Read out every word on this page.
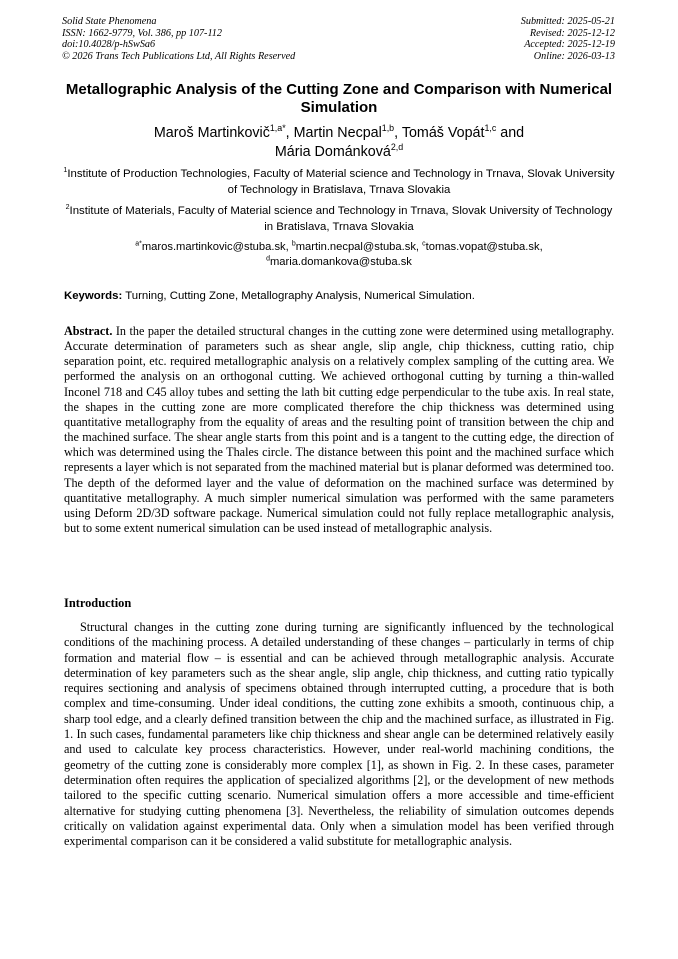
Solid State Phenomena
ISSN: 1662-9779, Vol. 386, pp 107-112
doi:10.4028/p-hSwSa6
© 2026 Trans Tech Publications Ltd, All Rights Reserved
Submitted: 2025-05-21
Revised: 2025-12-12
Accepted: 2025-12-19
Online: 2026-03-13
Metallographic Analysis of the Cutting Zone and Comparison with Numerical Simulation
Maroš Martinkovič$^{1,a*}$, Martin Necpal$^{1,b}$, Tomáš Vopát$^{1,c}$ and
Mária Dománková$^{2,d}$
$^1$Institute of Production Technologies, Faculty of Material science and Technology in Trnava, Slovak University of Technology in Bratislava, Trnava Slovakia
$^2$Institute of Materials, Faculty of Material science and Technology in Trnava, Slovak University of Technology in Bratislava, Trnava Slovakia
$^{a*}$maros.martinkovic@stuba.sk, $^b$martin.necpal@stuba.sk, $^c$tomas.vopat@stuba.sk,
$^d$maria.domankova@stuba.sk
Keywords: Turning, Cutting Zone, Metallography Analysis, Numerical Simulation.
Abstract. In the paper the detailed structural changes in the cutting zone were determined using metallography. Accurate determination of parameters such as shear angle, slip angle, chip thickness, cutting ratio, chip separation point, etc. required metallographic analysis on a relatively complex sampling of the cutting area. We performed the analysis on an orthogonal cutting. We achieved orthogonal cutting by turning a thin-walled Inconel 718 and C45 alloy tubes and setting the lath bit cutting edge perpendicular to the tube axis. In real state, the shapes in the cutting zone are more complicated therefore the chip thickness was determined using quantitative metallography from the equality of areas and the resulting point of transition between the chip and the machined surface. The shear angle starts from this point and is a tangent to the cutting edge, the direction of which was determined using the Thales circle. The distance between this point and the machined surface which represents a layer which is not separated from the machined material but is planar deformed was determined too. The depth of the deformed layer and the value of deformation on the machined surface was determined by quantitative metallography. A much simpler numerical simulation was performed with the same parameters using Deform 2D/3D software package. Numerical simulation could not fully replace metallographic analysis, but to some extent numerical simulation can be used instead of metallographic analysis.
Introduction
Structural changes in the cutting zone during turning are significantly influenced by the technological conditions of the machining process. A detailed understanding of these changes – particularly in terms of chip formation and material flow – is essential and can be achieved through metallographic analysis. Accurate determination of key parameters such as the shear angle, slip angle, chip thickness, and cutting ratio typically requires sectioning and analysis of specimens obtained through interrupted cutting, a procedure that is both complex and time-consuming. Under ideal conditions, the cutting zone exhibits a smooth, continuous chip, a sharp tool edge, and a clearly defined transition between the chip and the machined surface, as illustrated in Fig. 1. In such cases, fundamental parameters like chip thickness and shear angle can be determined relatively easily and used to calculate key process characteristics. However, under real-world machining conditions, the geometry of the cutting zone is considerably more complex [1], as shown in Fig. 2. In these cases, parameter determination often requires the application of specialized algorithms [2], or the development of new methods tailored to the specific cutting scenario. Numerical simulation offers a more accessible and time-efficient alternative for studying cutting phenomena [3]. Nevertheless, the reliability of simulation outcomes depends critically on validation against experimental data. Only when a simulation model has been verified through experimental comparison can it be considered a valid substitute for metallographic analysis.
